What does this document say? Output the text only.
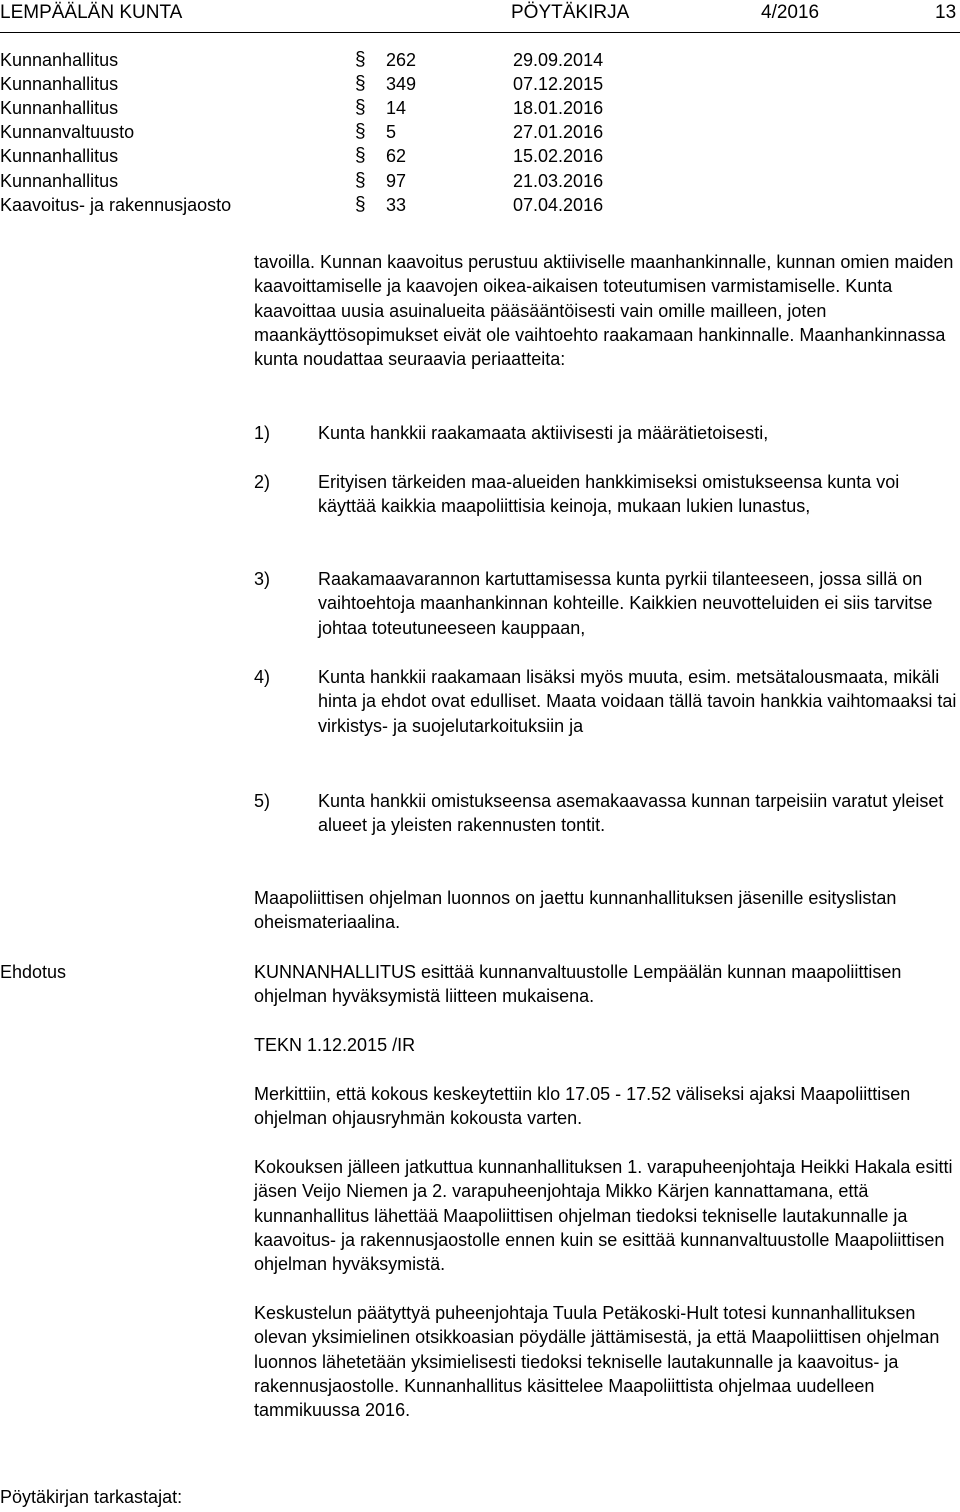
LEMPÄÄLÄN KUNTA	PÖYTÄKIRJA	4/2016	13
Kunnanhallitus	§ 262	29.09.2014
Kunnanhallitus	§ 349	07.12.2015
Kunnanhallitus	§ 14	18.01.2016
Kunnanvaltuusto	§ 5	27.01.2016
Kunnanhallitus	§ 62	15.02.2016
Kunnanhallitus	§ 97	21.03.2016
Kaavoitus- ja rakennusjaosto	§ 33	07.04.2016
tavoilla. Kunnan kaavoitus perustuu aktiiviselle maanhankinnalle, kunnan omien maiden kaavoittamiselle ja kaavojen oikea-aikaisen toteutumisen varmistamiselle. Kunta kaavoittaa uusia asuinalueita pääsääntöisesti vain omille mailleen, joten maankäyttösopimukset eivät ole vaihtoehto raakamaan hankinnalle. Maanhankinnassa kunta noudattaa seuraavia periaatteita:
1)	Kunta hankkii raakamaata aktiivisesti ja määrätietoisesti,
2)	Erityisen tärkeiden maa-alueiden hankkimiseksi omistukseensa kunta voi käyttää kaikkia maapoliittisia keinoja, mukaan lukien lunastus,
3)	Raakamaavarannon kartuttamisessa kunta pyrkii tilanteeseen, jossa sillä on vaihtoehtoja maanhankinnan kohteille. Kaikkien neuvotteluiden ei siis tarvitse johtaa toteutuneeseen kauppaan,
4)	Kunta hankkii raakamaan lisäksi myös muuta, esim. metsätalousmaata, mikäli hinta ja ehdot ovat edulliset. Maata voidaan tällä tavoin hankkia vaihtomaaksi tai virkistys- ja suojelutarkoituksiin ja
5)	Kunta hankkii omistukseensa asemakaavassa kunnan tarpeisiin varatut yleiset alueet ja yleisten rakennusten tontit.
Maapoliittisen ohjelman luonnos on jaettu kunnanhallituksen jäsenille esityslistan oheismateriaalina.
Ehdotus	KUNNANHALLITUS esittää kunnanvaltuustolle Lempäälän kunnan maapoliittisen ohjelman hyväksymistä liitteen mukaisena.
TEKN 1.12.2015 /IR
Merkittiin, että kokous keskeytettiin klo 17.05 - 17.52 väliseksi ajaksi Maapoliittisen ohjelman ohjausryhmän kokousta varten.
Kokouksen jälleen jatkuttua kunnanhallituksen 1. varapuheenjohtaja Heikki Hakala esitti jäsen Veijo Niemen ja 2. varapuheenjohtaja Mikko Kärjen kannattamana, että kunnanhallitus lähettää Maapoliittisen ohjelman tiedoksi tekniselle lautakunnalle ja kaavoitus- ja rakennusjaostolle ennen kuin se esittää kunnanvaltuustolle Maapoliittisen ohjelman hyväksymistä.
Keskustelun päätyttyä puheenjohtaja Tuula Petäkoski-Hult totesi kunnanhallituksen olevan yksimielinen otsikkoasian pöydälle jättämisestä, ja että Maapoliittisen ohjelman luonnos lähetetään yksimielisesti tiedoksi tekniselle lautakunnalle ja kaavoitus- ja rakennusjaostolle. Kunnanhallitus käsittelee Maapoliittista ohjelmaa uudelleen tammikuussa 2016.
Pöytäkirjan tarkastajat:
